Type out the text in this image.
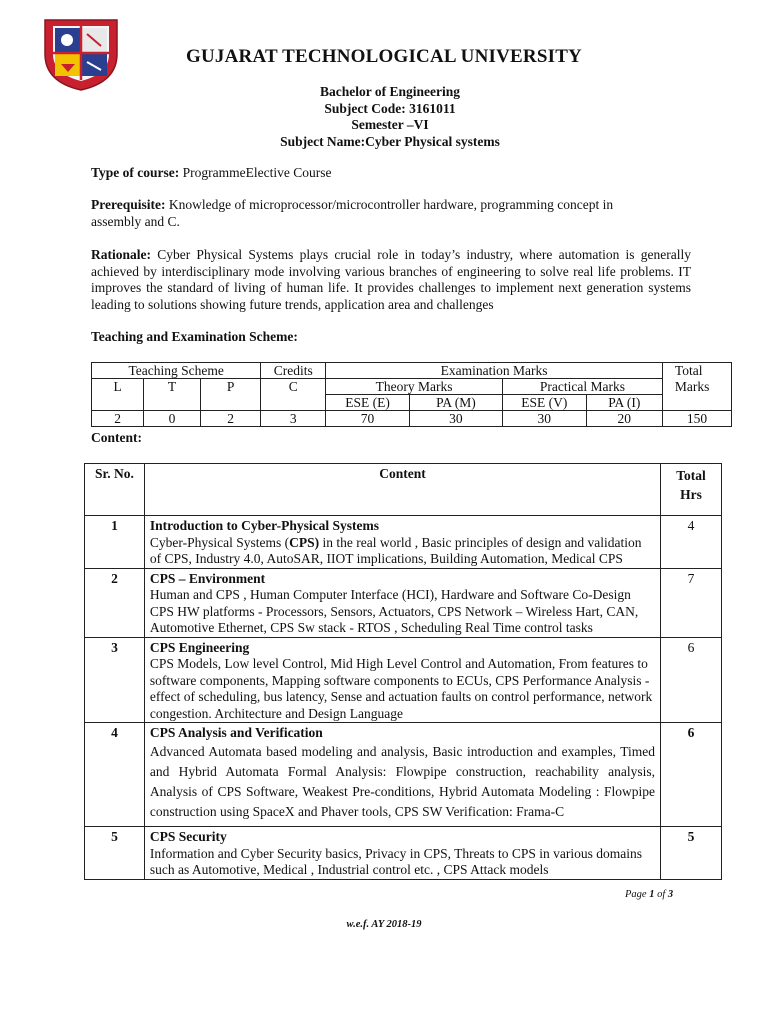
GUJARAT TECHNOLOGICAL UNIVERSITY
Bachelor of Engineering
Subject Code: 3161011
Semester –VI
Subject Name:Cyber Physical systems
Type of course: ProgrammeElective Course
Prerequisite: Knowledge of microprocessor/microcontroller hardware, programming concept in assembly and C.
Rationale: Cyber Physical Systems plays crucial role in today’s industry, where automation is generally achieved by interdisciplinary mode involving various branches of engineering to solve real life problems. IT improves the standard of living of human life. It provides challenges to implement next generation systems leading to solutions showing future trends, application area and challenges
Teaching and Examination Scheme:
Teaching Scheme			Credits	Examination Marks				Total
L	T	P	C	Theory Marks		Practical Marks		Marks
				ESE (E)	PA (M)	ESE (V)	PA (I)	
2	0	2	3	70	30	30	20	150
Content:
Sr. No.	Content	Total
Hrs
1	Introduction to Cyber-Physical Systems
Cyber-Physical Systems (CPS) in the real world , Basic principles of design and validation of CPS, Industry 4.0, AutoSAR, IIOT implications, Building Automation, Medical CPS	4
2	CPS – Environment
Human and CPS , Human Computer Interface (HCI), Hardware and Software Co-Design CPS HW platforms - Processors, Sensors, Actuators, CPS Network – Wireless Hart, CAN, Automotive Ethernet, CPS Sw stack - RTOS , Scheduling Real Time control tasks	7
3	CPS Engineering
CPS Models, Low level Control, Mid High Level Control and Automation, From features to software components, Mapping software components to ECUs, CPS Performance Analysis - effect of scheduling, bus latency, Sense and actuation faults on control performance, network congestion. Architecture and Design Language	6
4	CPS Analysis and Verification
Advanced Automata based modeling and analysis, Basic introduction and examples, Timed and Hybrid Automata Formal Analysis: Flowpipe construction, reachability analysis, Analysis of CPS Software, Weakest Pre-conditions, Hybrid Automata Modeling : Flowpipe construction using SpaceX and Phaver tools, CPS SW Verification: Frama-C	6
5	CPS Security
Information and Cyber Security basics, Privacy in CPS, Threats to CPS in various domains such as Automotive, Medical , Industrial control etc. , CPS Attack models	5
Page 1 of 3
w.e.f. AY 2018-19
